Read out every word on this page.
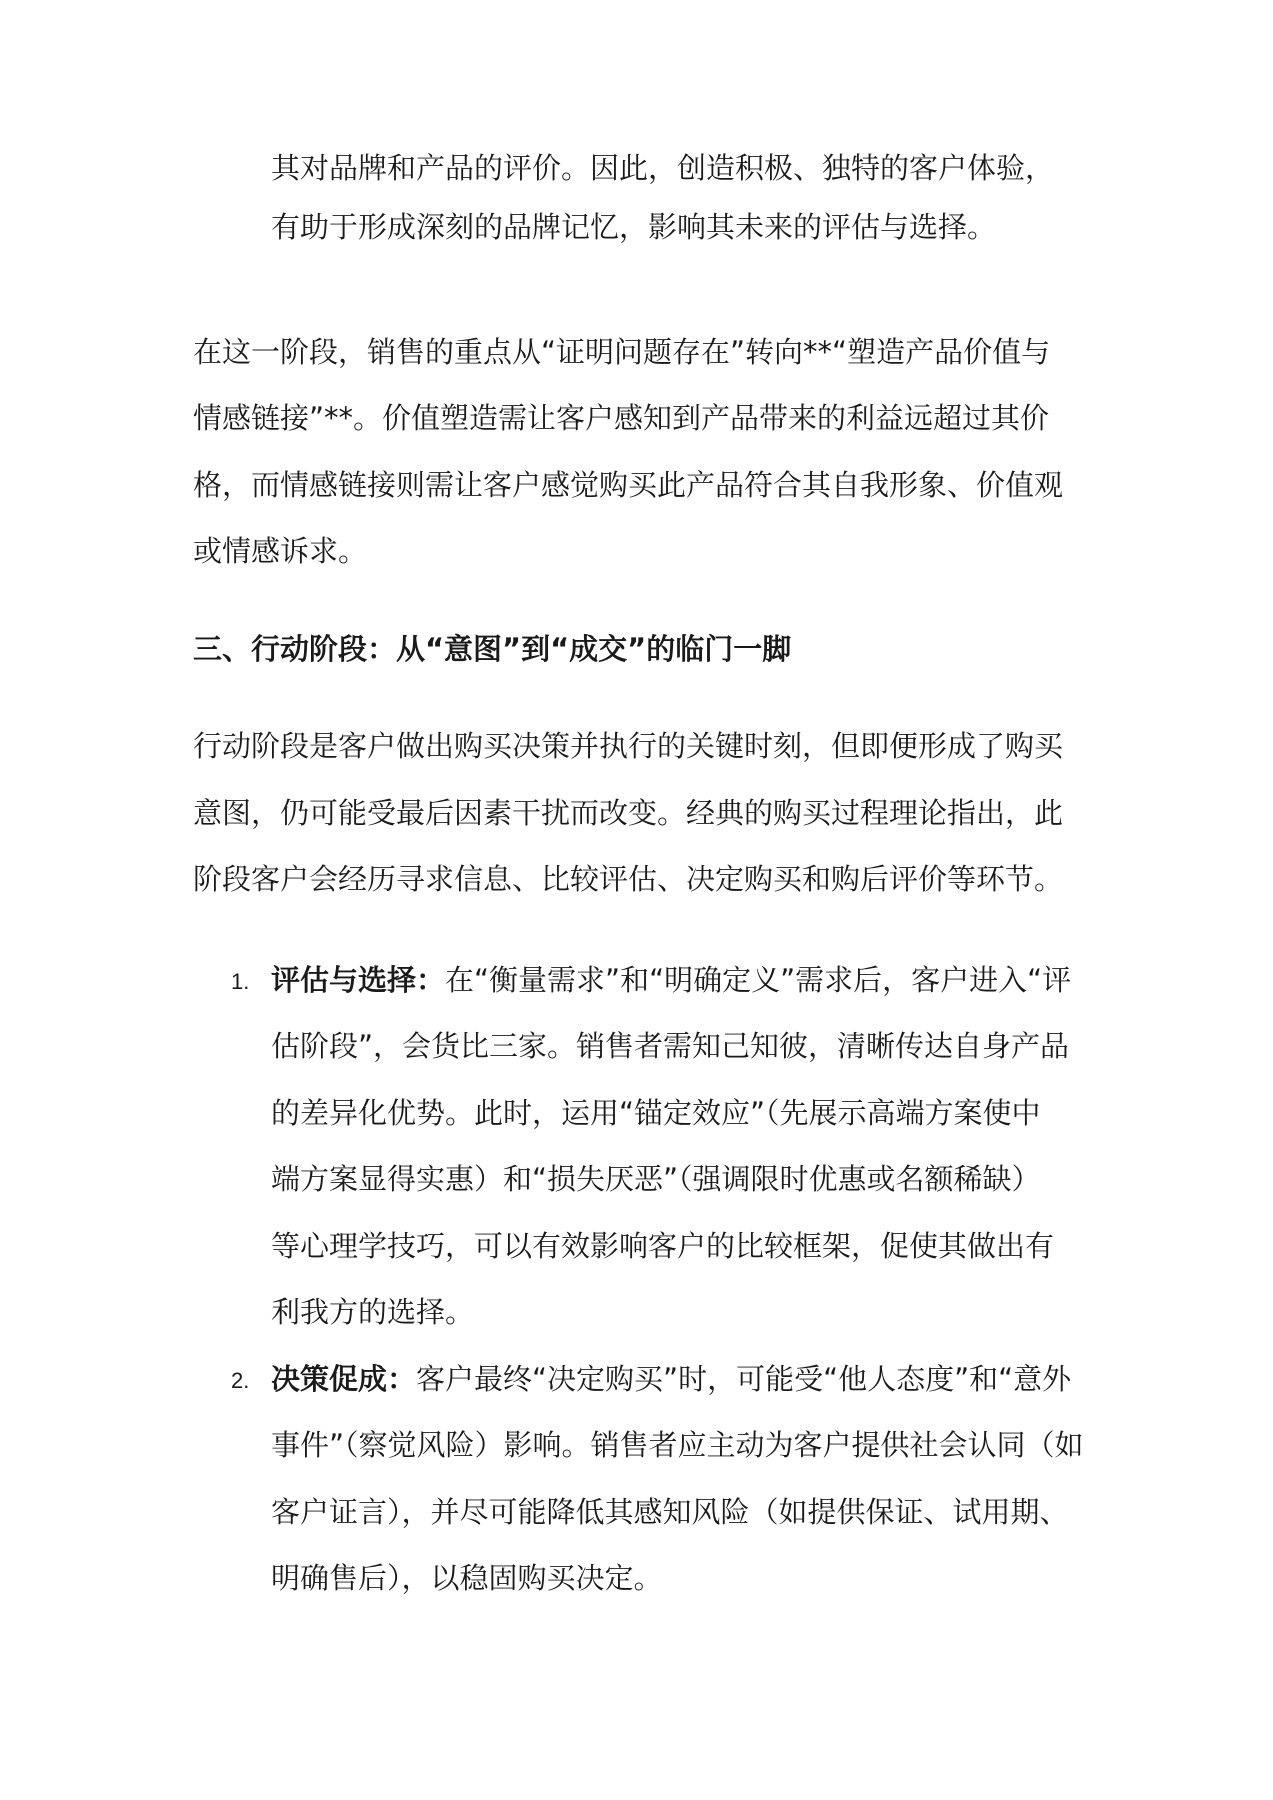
其对品牌和产品的评价。因此，创造积极、独特的客户体验，
有助于形成深刻的品牌记忆，影响其未来的评估与选择。
在这一阶段，销售的重点从“证明问题存在”转向**“塑造产品价值与
情感链接”**。价值塑造需让客户感知到产品带来的利益远超过其价
格，而情感链接则需让客户感觉购买此产品符合其自我形象、价值观
或情感诉求。
三、行动阶段：从“意图”到“成交”的临门一脚
行动阶段是客户做出购买决策并执行的关键时刻，但即便形成了购买
意图，仍可能受最后因素干扰而改变。经典的购买过程理论指出，此
阶段客户会经历寻求信息、比较评估、决定购买和购后评价等环节。
1. 评估与选择：在“衡量需求”和“明确定义”需求后，客户进入“评
估阶段”，会货比三家。销售者需知己知彼，清晰传达自身产品
的差异化优势。此时，运用“锚定效应”（先展示高端方案使中
端方案显得实惠）和“损失厌恶”（强调限时优惠或名额稀缺）
等心理学技巧，可以有效影响客户的比较框架，促使其做出有
利我方的选择。
2. 决策促成：客户最终“决定购买”时，可能受“他人态度”和“意外
事件”（察觉风险）影响。销售者应主动为客户提供社会认同（如
客户证言），并尽可能降低其感知风险（如提供保证、试用期、
明确售后），以稳固购买决定。
